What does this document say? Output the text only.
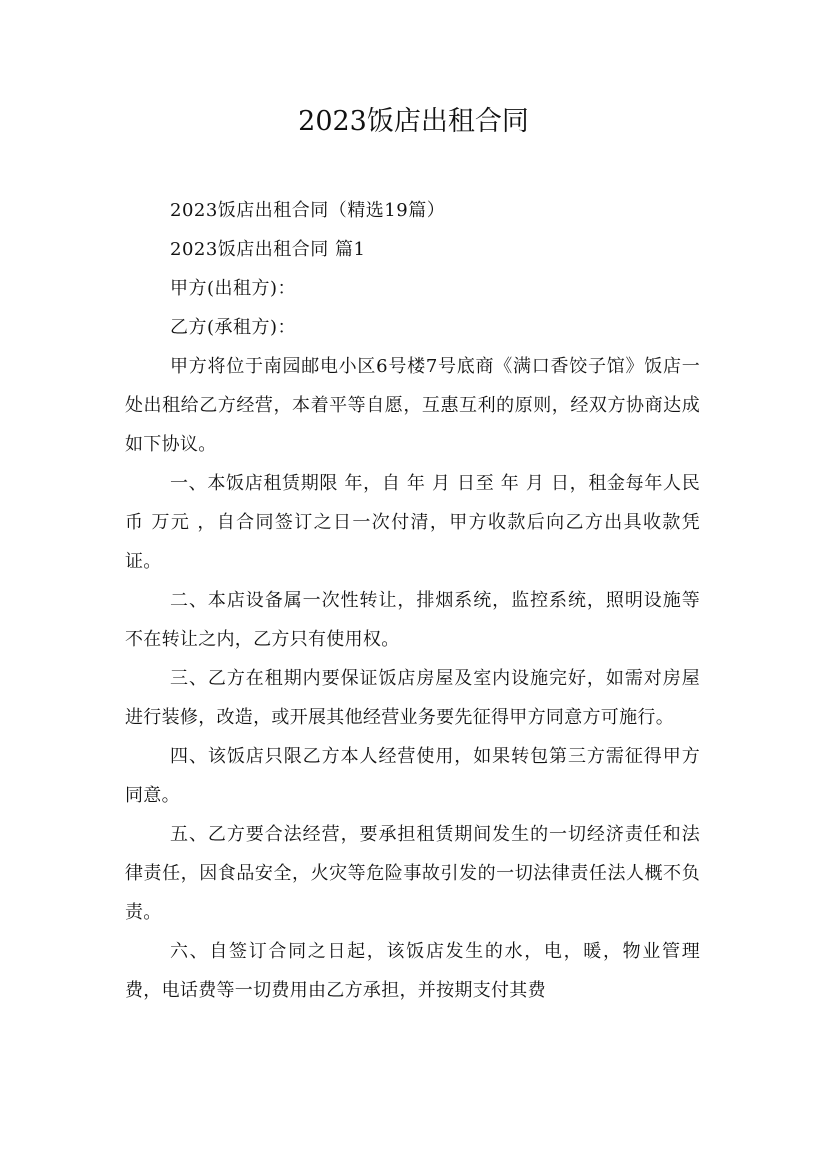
2023饭店出租合同

2023饭店出租合同（精选19篇）

2023饭店出租合同 篇1

甲方(出租方)：

乙方(承租方)：

甲方将位于南园邮电小区6号楼7号底商《满口香饺子馆》饭店一处出租给乙方经营，本着平等自愿，互惠互利的原则，经双方协商达成如下协议。

一、本饭店租赁期限 年，自 年 月 日至 年 月 日，租金每年人民币 万元 ，自合同签订之日一次付清，甲方收款后向乙方出具收款凭证。

二、本店设备属一次性转让，排烟系统，监控系统，照明设施等不在转让之内，乙方只有使用权。

三、乙方在租期内要保证饭店房屋及室内设施完好，如需对房屋进行装修，改造，或开展其他经营业务要先征得甲方同意方可施行。

四、该饭店只限乙方本人经营使用，如果转包第三方需征得甲方同意。

五、乙方要合法经营，要承担租赁期间发生的一切经济责任和法律责任，因食品安全，火灾等危险事故引发的一切法律责任法人概不负责。

六、自签订合同之日起，该饭店发生的水，电，暖，物业管理费，电话费等一切费用由乙方承担，并按期支付其费
